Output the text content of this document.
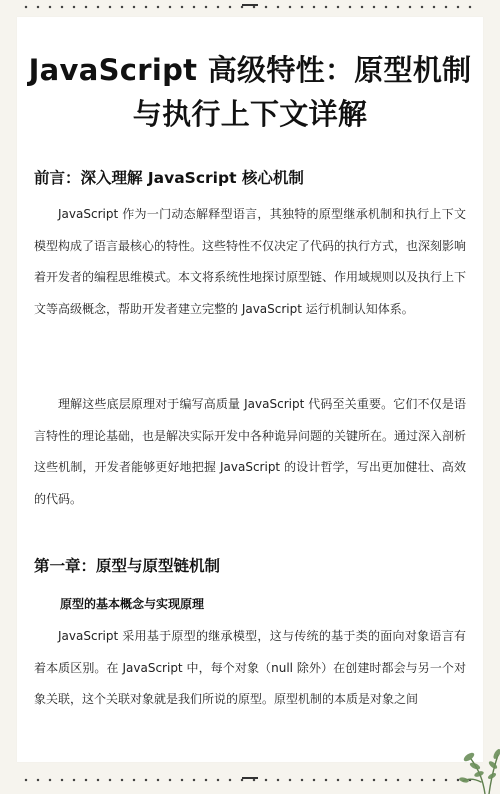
JavaScript 高级特性：原型机制与执行上下文详解
前言：深入理解 JavaScript 核心机制

JavaScript 作为一门动态解释型语言，其独特的原型继承机制和执行上下文模型构成了语言最核心的特性。这些特性不仅决定了代码的执行方式，也深刻影响着开发者的编程思维模式。本文将系统性地探讨原型链、作用域规则以及执行上下文等高级概念，帮助开发者建立完整的 JavaScript 运行机制认知体系。

理解这些底层原理对于编写高质量 JavaScript 代码至关重要。它们不仅是语言特性的理论基础，也是解决实际开发中各种诡异问题的关键所在。通过深入剖析这些机制，开发者能够更好地把握 JavaScript 的设计哲学，写出更加健壮、高效的代码。

第一章：原型与原型链机制
原型的基本概念与实现原理

JavaScript 采用基于原型的继承模型，这与传统的基于类的面向对象语言有着本质区别。在 JavaScript 中，每个对象（null 除外）在创建时都会与另一个对象关联，这个关联对象就是我们所说的原型。原型机制的本质是对象之间
